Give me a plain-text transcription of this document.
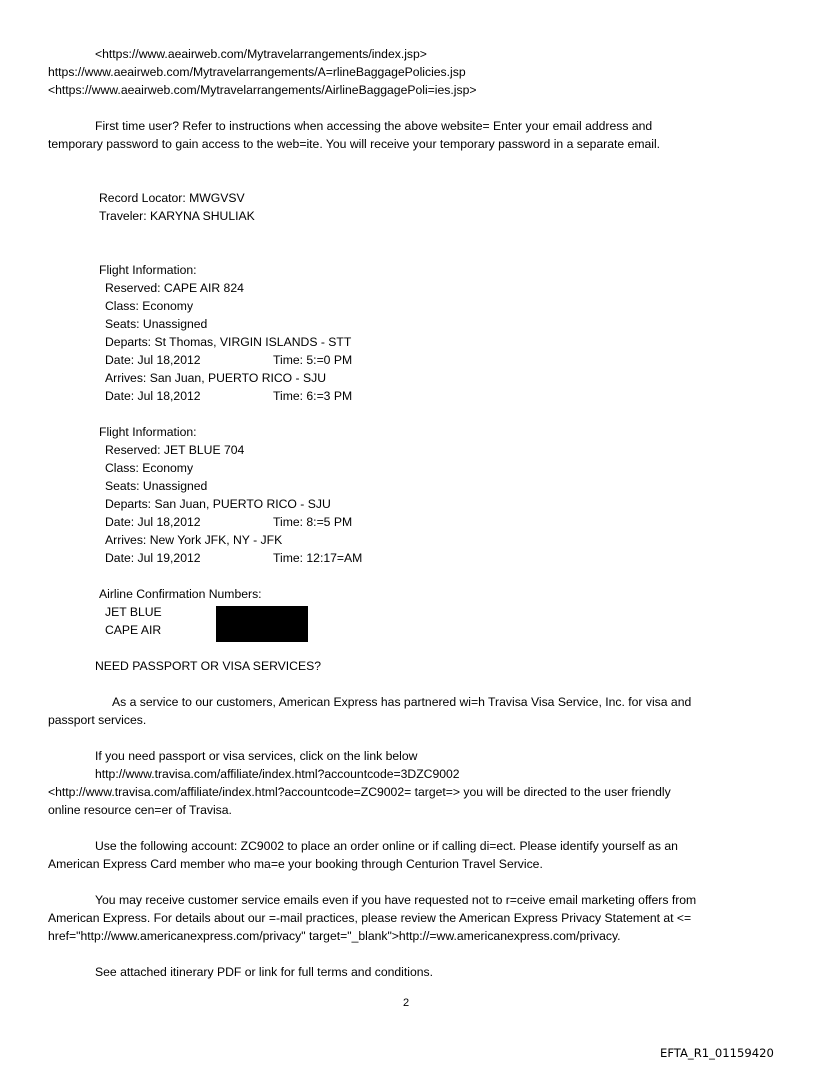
<https://www.aeairweb.com/Mytravelarrangements/index.jsp>
https://www.aeairweb.com/Mytravelarrangements/A=rlineBaggagePolicies.jsp
<https://www.aeairweb.com/Mytravelarrangements/AirlineBaggagePoli=ies.jsp>
First time user? Refer to instructions when accessing the above website= Enter your email address and
temporary password to gain access to the web=ite. You will receive your temporary password in a separate email.
Record Locator: MWGVSV
Traveler: KARYNA SHULIAK
Flight Information:
Reserved: CAPE AIR 824
Class: Economy
Seats: Unassigned
Departs: St Thomas, VIRGIN ISLANDS - STT
Date: Jul 18,2012	Time: 5:=0 PM
Arrives: San Juan, PUERTO RICO - SJU
Date: Jul 18,2012	Time: 6:=3 PM
Flight Information:
Reserved: JET BLUE 704
Class: Economy
Seats: Unassigned
Departs: San Juan, PUERTO RICO - SJU
Date: Jul 18,2012	Time: 8:=5 PM
Arrives: New York JFK, NY - JFK
Date: Jul 19,2012	Time: 12:17=AM
Airline Confirmation Numbers:
JET BLUE
CAPE AIR
NEED PASSPORT OR VISA SERVICES?
As a service to our customers, American Express has partnered wi=h Travisa Visa Service, Inc. for visa and
passport services.
If you need passport or visa services, click on the link below
http://www.travisa.com/affiliate/index.html?accountcode=3DZC9002
<http://www.travisa.com/affiliate/index.html?accountcode=ZC9002= target=> you will be directed to the user friendly
online resource cen=er of Travisa.
Use the following account: ZC9002 to place an order online or if calling di=ect. Please identify yourself as an
American Express Card member who ma=e your booking through Centurion Travel Service.
You may receive customer service emails even if you have requested not to r=ceive email marketing offers from
American Express. For details about our =-mail practices, please review the American Express Privacy Statement at <=
href="http://www.americanexpress.com/privacy" target="_blank">http://=ww.americanexpress.com/privacy.
See attached itinerary PDF or link for full terms and conditions.
2
EFTA_R1_01159420
